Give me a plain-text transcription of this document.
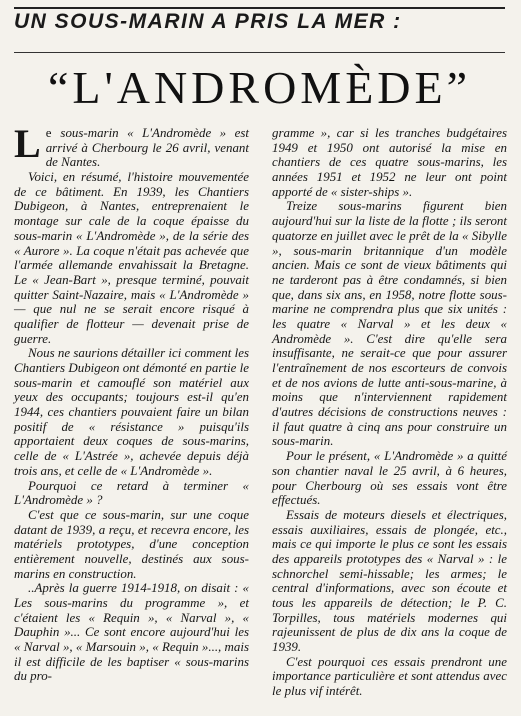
UN SOUS-MARIN A PRIS LA MER :
“L'ANDROMÈDE”

Le sous-marin « L'Andromède » est arrivé à Cherbourg le 26 avril, venant de Nantes.

Voici, en résumé, l'histoire mouvementée de ce bâtiment. En 1939, les Chantiers Dubigeon, à Nantes, entreprenaient le montage sur cale de la coque épaisse du sous-marin « L'Andromède », de la série des « Aurore ». La coque n'était pas achevée que l'armée allemande envahissait la Bretagne. Le « Jean-Bart », presque terminé, pouvait quitter Saint-Nazaire, mais « L'Andromède » — que nul ne se serait encore risqué à qualifier de flotteur — devenait prise de guerre.

Nous ne saurions détailler ici comment les Chantiers Dubigeon ont démonté en partie le sous-marin et camouflé son matériel aux yeux des occupants; toujours est-il qu'en 1944, ces chantiers pouvaient faire un bilan positif de « résistance » puisqu'ils apportaient deux coques de sous-marins, celle de « L'Astrée », achevée depuis déjà trois ans, et celle de « L'Andromède ».

Pourquoi ce retard à terminer « L'Andromède » ?

C'est que ce sous-marin, sur une coque datant de 1939, a reçu, et recevra encore, les matériels prototypes, d'une conception entièrement nouvelle, destinés aux sous-marins en construction.

..Après la guerre 1914-1918, on disait : « Les sous-marins du programme », et c'étaient les « Requin », « Narval », « Dauphin »... Ce sont encore aujourd'hui les « Narval », « Marsouin », « Requin »..., mais il est difficile de les baptiser « sous-marins du pro-

gramme », car si les tranches budgétaires 1949 et 1950 ont autorisé la mise en chantiers de ces quatre sous-marins, les années 1951 et 1952 ne leur ont point apporté de « sister-ships ».

Treize sous-marins figurent bien aujourd'hui sur la liste de la flotte ; ils seront quatorze en juillet avec le prêt de la « Sibylle », sous-marin britannique d'un modèle ancien. Mais ce sont de vieux bâtiments qui ne tarderont pas à être condamnés, si bien que, dans six ans, en 1958, notre flotte sous-marine ne comprendra plus que six unités : les quatre « Narval » et les deux « Andromède ». C'est dire qu'elle sera insuffisante, ne serait-ce que pour assurer l'entraînement de nos escorteurs de convois et de nos avions de lutte anti-sous-marine, à moins que n'interviennent rapidement d'autres décisions de constructions neuves : il faut quatre à cinq ans pour construire un sous-marin.

Pour le présent, « L'Andromède » a quitté son chantier naval le 25 avril, à 6 heures, pour Cherbourg où ses essais vont être effectués.

Essais de moteurs diesels et électriques, essais auxiliaires, essais de plongée, etc., mais ce qui importe le plus ce sont les essais des appareils prototypes des « Narval » : le schnorchel semi-hissable; les armes; le central d'informations, avec son écoute et tous les appareils de détection; le P. C. Torpilles, tous matériels modernes qui rajeunissent de plus de dix ans la coque de 1939.

C'est pourquoi ces essais prendront une importance particulière et sont attendus avec le plus vif intérêt.
